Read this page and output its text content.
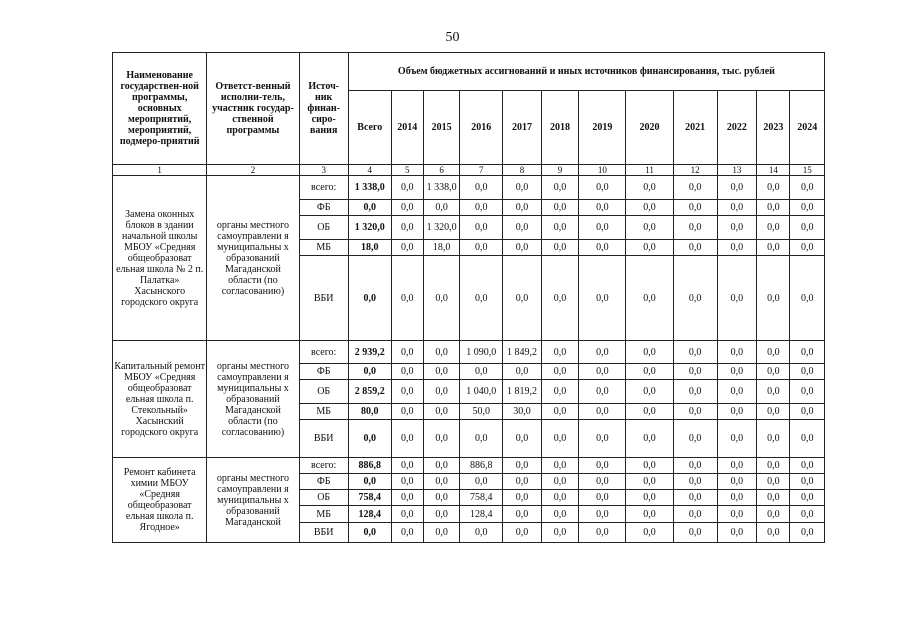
50
Наименование государствен-ной программы, основных мероприятий, мероприятий, подмеро-приятий	Ответст-венный исполни-тель, участник государ-ственной программы	Источ-ник финан-сиро-вания	Объем бюджетных ассигнований и иных источников финансирования, тыс. рублей											
			Всего	2014	2015	2016	2017	2018	2019	2020	2021	2022	2023	2024
1	2	3	4	5	6	7	8	9	10	11	12	13	14	15
Замена оконных блоков в здании начальной школы МБОУ «Средняя общеобразоват ельная школа № 2 п. Палатка» Хасынского городского округа	органы местного самоуправлени я муниципальны х образований Магаданской области (по согласованию)	всего:	1 338,0	0,0	1 338,0	0,0	0,0	0,0	0,0	0,0	0,0	0,0	0,0	0,0
		ФБ	0,0	0,0	0,0	0,0	0,0	0,0	0,0	0,0	0,0	0,0	0,0	0,0
		ОБ	1 320,0	0,0	1 320,0	0,0	0,0	0,0	0,0	0,0	0,0	0,0	0,0	0,0
		МБ	18,0	0,0	18,0	0,0	0,0	0,0	0,0	0,0	0,0	0,0	0,0	0,0
		ВБИ	0,0	0,0	0,0	0,0	0,0	0,0	0,0	0,0	0,0	0,0	0,0	0,0
Капитальный ремонт МБОУ «Средняя общеобразоват ельная школа п. Стекольный» Хасынский городского округа	органы местного самоуправлени я муниципальны х образований Магаданской области (по согласованию)	всего:	2 939,2	0,0	0,0	1 090,0	1 849,2	0,0	0,0	0,0	0,0	0,0	0,0	0,0
		ФБ	0,0	0,0	0,0	0,0	0,0	0,0	0,0	0,0	0,0	0,0	0,0	0,0
		ОБ	2 859,2	0,0	0,0	1 040,0	1 819,2	0,0	0,0	0,0	0,0	0,0	0,0	0,0
		МБ	80,0	0,0	0,0	50,0	30,0	0,0	0,0	0,0	0,0	0,0	0,0	0,0
		ВБИ	0,0	0,0	0,0	0,0	0,0	0,0	0,0	0,0	0,0	0,0	0,0	0,0
Ремонт кабинета химии МБОУ «Средняя общеобразоват ельная школа п. Ягодное»	органы местного самоуправлени я муниципальны х образований Магаданской	всего:	886,8	0,0	0,0	886,8	0,0	0,0	0,0	0,0	0,0	0,0	0,0	0,0
		ФБ	0,0	0,0	0,0	0,0	0,0	0,0	0,0	0,0	0,0	0,0	0,0	0,0
		ОБ	758,4	0,0	0,0	758,4	0,0	0,0	0,0	0,0	0,0	0,0	0,0	0,0
		МБ	128,4	0,0	0,0	128,4	0,0	0,0	0,0	0,0	0,0	0,0	0,0	0,0
		ВБИ	0,0	0,0	0,0	0,0	0,0	0,0	0,0	0,0	0,0	0,0	0,0	0,0
